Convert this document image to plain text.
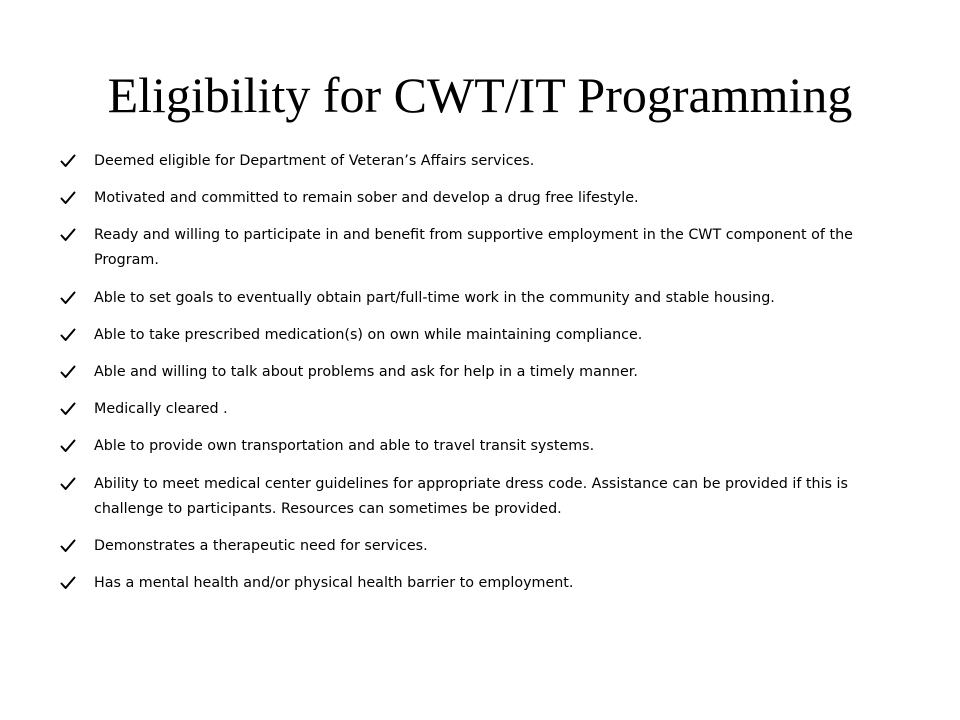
Eligibility for CWT/IT Programming
Deemed eligible for Department of Veteran’s Affairs services.
Motivated and committed to remain sober and develop a drug free lifestyle.
Ready and willing to participate in and benefit from supportive employment in the CWT component of the Program.
Able to set goals to eventually obtain part/full-time work in the community and stable housing.
Able to take prescribed medication(s) on own while maintaining compliance.
Able and willing to talk about problems and ask for help in a timely manner.
Medically cleared .
Able to provide own transportation and able to travel transit systems.
Ability to meet medical center guidelines for appropriate dress code. Assistance can be provided if this is challenge to participants. Resources can sometimes be provided.
Demonstrates a therapeutic need for services.
Has a mental health and/or physical health barrier to employment.
